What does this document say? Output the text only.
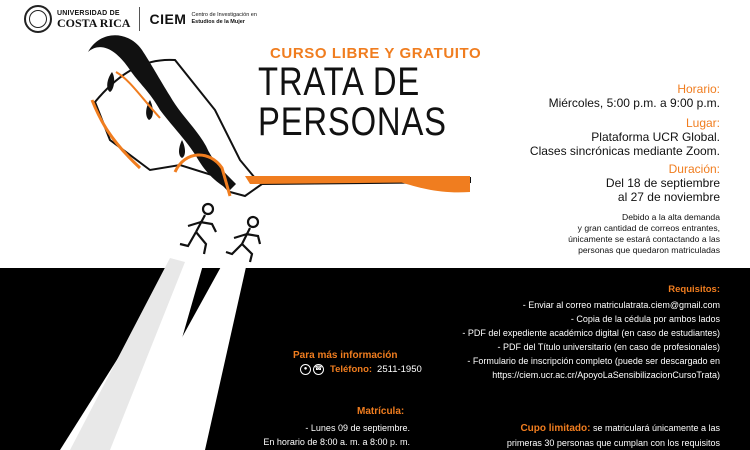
UNIVERSIDAD DE
COSTA RICA CIEM Centro de Investigación en
Estudios de la Mujer
CURSO LIBRE Y GRATUITO
TRATA DE
PERSONAS
Horario:
Miércoles, 5:00 p.m. a 9:00 p.m.
Lugar:
Plataforma UCR Global.
Clases sincrónicas mediante Zoom.
Duración:
Del 18 de septiembre
al 27 de noviembre
Debido a la alta demanda
y gran cantidad de correos entrantes,
únicamente se estará contactando a las
personas que quedaron matriculadas
Requisitos:
- Enviar al correo matriculatrata.ciem@gmail.com
- Copia de la cédula por ambos lados
- PDF del expediente académico digital (en caso de estudiantes)
- PDF del Título universitario (en caso de profesionales)
- Formulario de inscripción completo (puede ser descargado en
https://ciem.ucr.ac.cr/ApoyoLaSensibilizacionCursoTrata)
Para más información
●	☎ Teléfono: 2511-1950
Matrícula:
- Lunes 09 de septiembre.
En horario de 8:00 a. m. a 8:00 p. m.
Cupo limitado: se matriculará únicamente a las
primeras 30 personas que cumplan con los requisitos
